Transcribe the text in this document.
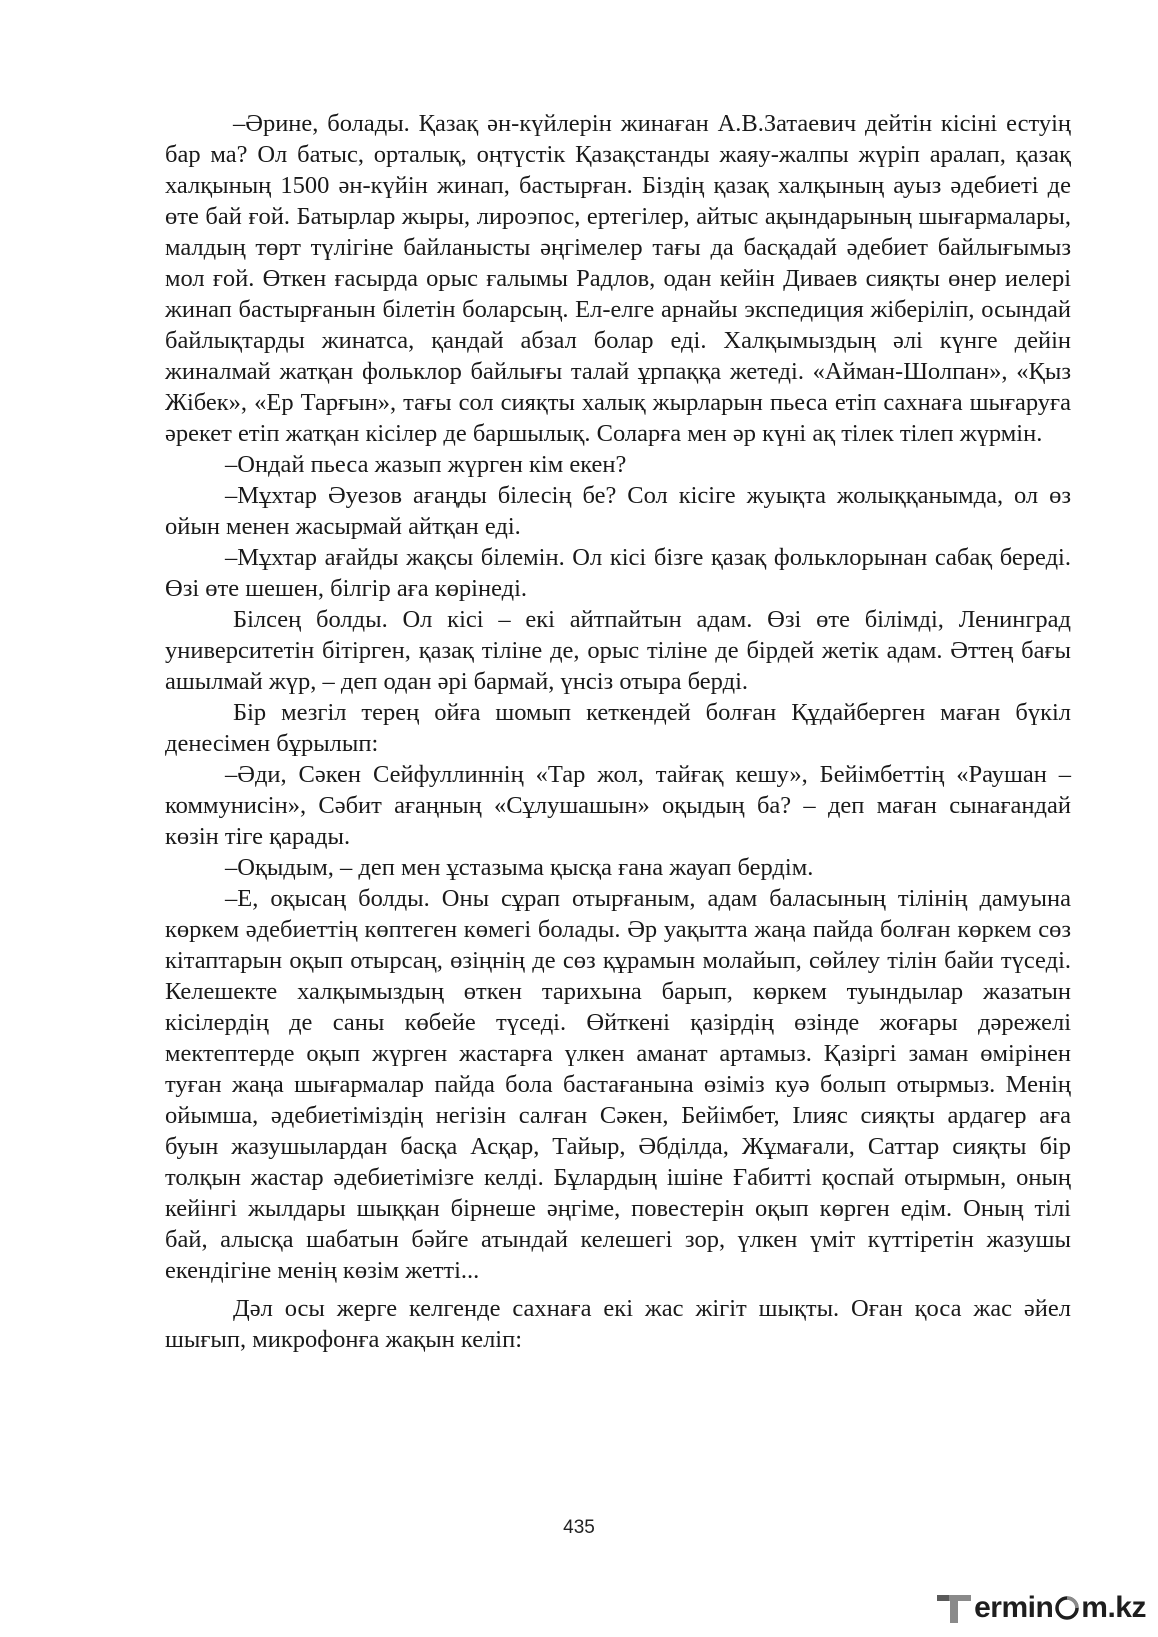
–Әрине, болады. Қазақ ән-күйлерін жинаған А.В.Затаевич дейтін кісіні естуің бар ма? Ол батыс, орталық, оңтүстік Қазақстанды жаяу-жалпы жүріп аралап, қазақ халқының 1500 ән-күйін жинап, бастырған. Біздің қазақ халқының ауыз әдебиеті де өте бай ғой. Батырлар жыры, лироэпос, ертегілер, айтыс ақындарының шығармалары, малдың төрт түлігіне байланысты әңгімелер тағы да басқадай әдебиет байлығымыз мол ғой. Өткен ғасырда орыс ғалымы Радлов, одан кейін Диваев сияқты өнер иелері жинап бастырғанын білетін боларсың. Ел-елге арнайы экспедиция жіберіліп, осындай байлықтарды жинатса, қандай абзал болар еді. Халқымыздың әлі күнге дейін жиналмай жатқан фольклор байлығы талай ұрпаққа жетеді. «Айман-Шолпан», «Қыз Жібек», «Ер Тарғын», тағы сол сияқты халық жырларын пьеса етіп сахнаға шығаруға әрекет етіп жатқан кісілер де баршылық. Соларға мен әр күні ақ тілек тілеп жүрмін.

–Ондай пьеса жазып жүрген кім екен?

–Мұхтар Әуезов ағаңды білесің бе? Сол кісіге жуықта жолыққанымда, ол өз ойын менен жасырмай айтқан еді.

–Мұхтар ағайды жақсы білемін. Ол кісі бізге қазақ фольклорынан сабақ береді. Өзі өте шешен, білгір аға көрінеді.

Білсең болды. Ол кісі – екі айтпайтын адам. Өзі өте білімді, Ленинград университетін бітірген, қазақ тіліне де, орыс тіліне де бірдей жетік адам. Әттең бағы ашылмай жүр, – деп одан әрі бармай, үнсіз отыра берді.

Бір мезгіл терең ойға шомып кеткендей болған Құдайберген маған бүкіл денесімен бұрылып:

–Әди, Сәкен Сейфуллиннің «Тар жол, тайғақ кешу», Бейімбеттің «Раушан – коммунисін», Сәбит ағаңның «Сұлушашын» оқыдың ба? – деп маған сынағандай көзін тіге қарады.

–Оқыдым, – деп мен ұстазыма қысқа ғана жауап бердім.

–Е, оқысаң болды. Оны сұрап отырғаным, адам баласының тілінің дамуына көркем әдебиеттің көптеген көмегі болады. Әр уақытта жаңа пайда болған көркем сөз кітаптарын оқып отырсаң, өзіңнің де сөз құрамын молайып, сөйлеу тілін байи түседі. Келешекте халқымыздың өткен тарихына барып, көркем туындылар жазатын кісілердің де саны көбейе түседі. Өйткені қазірдің өзінде жоғары дәрежелі мектептерде оқып жүрген жастарға үлкен аманат артамыз. Қазіргі заман өмірінен туған жаңа шығармалар пайда бола бастағанына өзіміз куә болып отырмыз. Менің ойымша, әдебиетіміздің негізін салған Сәкен, Бейімбет, Ілияс сияқты ардагер аға буын жазушылардан басқа Асқар, Тайыр, Әбділда, Жұмағали, Саттар сияқты бір толқын жастар әдебиетімізге келді. Бұлардың ішіне Ғабитті қоспай отырмын, оның кейінгі жылдары шыққан бірнеше әңгіме, повестерін оқып көрген едім. Оның тілі бай, алысқа шабатын бәйге атындай келешегі зор, үлкен үміт күттіретін жазушы екендігіне менің көзім жетті...

Дәл осы жерге келгенде сахнаға екі жас жігіт шықты. Оған қоса жас әйел шығып, микрофонға жақын келіп:

435
ermin m.kz
